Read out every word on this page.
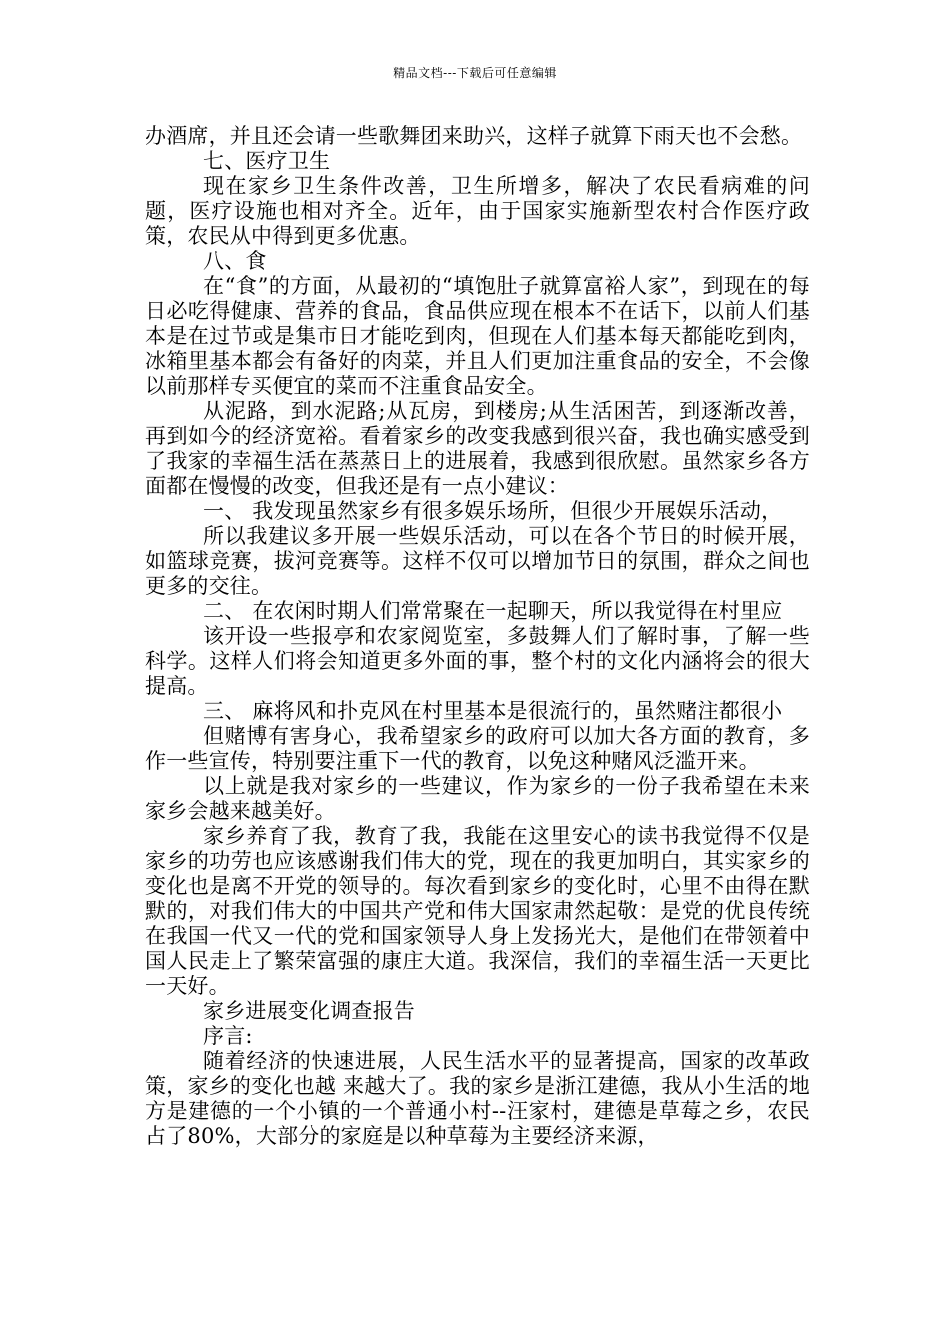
精品文档---下载后可任意编辑

办酒席，并且还会请一些歌舞团来助兴，这样子就算下雨天也不会愁。

七、医疗卫生

现在家乡卫生条件改善，卫生所增多，解决了农民看病难的问题，医疗设施也相对齐全。近年，由于国家实施新型农村合作医疗政策，农民从中得到更多优惠。

八、食

在“食”的方面，从最初的“填饱肚子就算富裕人家”，到现在的每日必吃得健康、营养的食品，食品供应现在根本不在话下，以前人们基本是在过节或是集市日才能吃到肉，但现在人们基本每天都能吃到肉，冰箱里基本都会有备好的肉菜，并且人们更加注重食品的安全，不会像以前那样专买便宜的菜而不注重食品安全。

从泥路，到水泥路;从瓦房，到楼房;从生活困苦，到逐渐改善，再到如今的经济宽裕。看着家乡的改变我感到很兴奋，我也确实感受到了我家的幸福生活在蒸蒸日上的进展着，我感到很欣慰。虽然家乡各方面都在慢慢的改变，但我还是有一点小建议：

一、 我发现虽然家乡有很多娱乐场所，但很少开展娱乐活动，

所以我建议多开展一些娱乐活动，可以在各个节日的时候开展，如篮球竞赛，拔河竞赛等。这样不仅可以增加节日的氛围，群众之间也更多的交往。

二、 在农闲时期人们常常聚在一起聊天，所以我觉得在村里应

该开设一些报亭和农家阅览室，多鼓舞人们了解时事，了解一些科学。这样人们将会知道更多外面的事，整个村的文化内涵将会的很大提高。

三、 麻将风和扑克风在村里基本是很流行的，虽然赌注都很小

但赌博有害身心，我希望家乡的政府可以加大各方面的教育，多作一些宣传，特别要注重下一代的教育，以免这种赌风泛滥开来。

以上就是我对家乡的一些建议，作为家乡的一份子我希望在未来家乡会越来越美好。

家乡养育了我，教育了我，我能在这里安心的读书我觉得不仅是家乡的功劳也应该感谢我们伟大的党，现在的我更加明白，其实家乡的变化也是离不开党的领导的。每次看到家乡的变化时，心里不由得在默默的，对我们伟大的中国共产党和伟大国家肃然起敬：是党的优良传统在我国一代又一代的党和国家领导人身上发扬光大，是他们在带领着中国人民走上了繁荣富强的康庄大道。我深信，我们的幸福生活一天更比一天好。

家乡进展变化调查报告

序言:

随着经济的快速进展，人民生活水平的显著提高，国家的改革政策，家乡的变化也越 来越大了。我的家乡是浙江建德，我从小生活的地方是建德的一个小镇的一个普通小村--汪家村，建德是草莓之乡，农民占了80%，大部分的家庭是以种草莓为主要经济来源，
